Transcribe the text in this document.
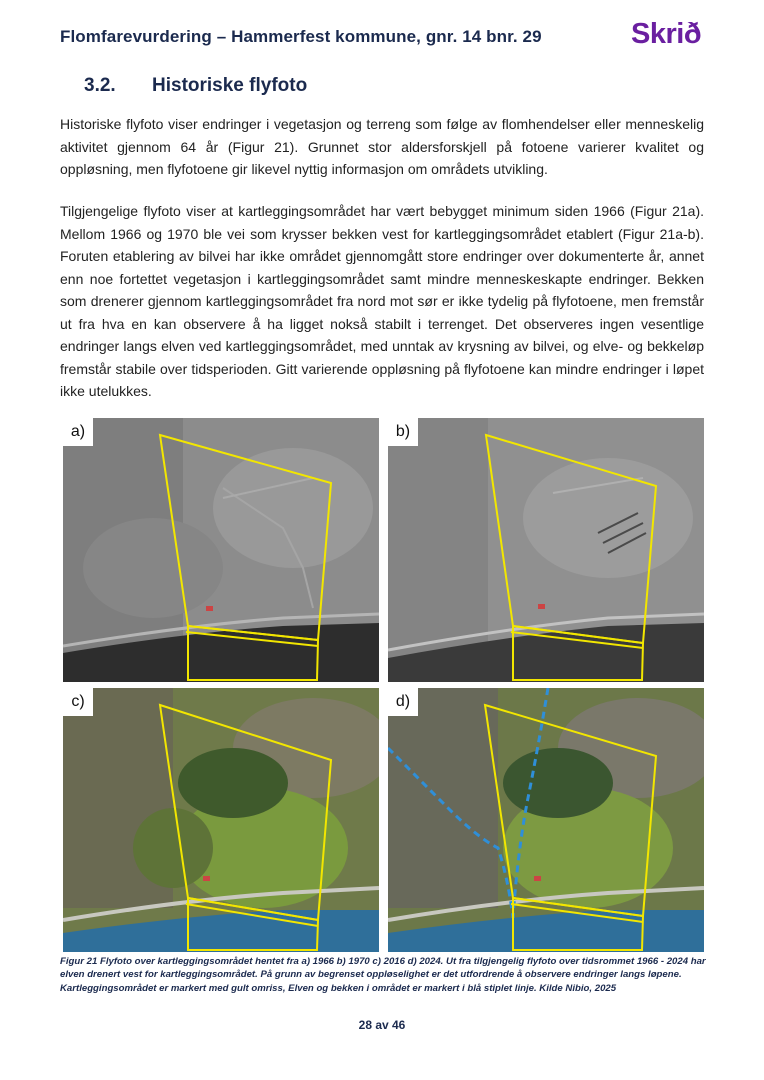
Flomfarevurdering – Hammerfest kommune, gnr. 14 bnr. 29	Skrið
3.2. Historiske flyfoto
Historiske flyfoto viser endringer i vegetasjon og terreng som følge av flomhendelser eller menneskelig aktivitet gjennom 64 år (Figur 21). Grunnet stor aldersforskjell på fotoene varierer kvalitet og oppløsning, men flyfotoene gir likevel nyttig informasjon om områdets utvikling.
Tilgjengelige flyfoto viser at kartleggingsområdet har vært bebygget minimum siden 1966 (Figur 21a). Mellom 1966 og 1970 ble vei som krysser bekken vest for kartleggingsområdet etablert (Figur 21a-b). Foruten etablering av bilvei har ikke området gjennomgått store endringer over dokumenterte år, annet enn noe fortettet vegetasjon i kartleggingsområdet samt mindre menneskeskapte endringer. Bekken som drenerer gjennom kartleggingsområdet fra nord mot sør er ikke tydelig på flyfotoene, men fremstår ut fra hva en kan observere å ha ligget nokså stabilt i terrenget. Det observeres ingen vesentlige endringer langs elven ved kartleggingsområdet, med unntak av krysning av bilvei, og elve- og bekkeløp fremstår stabile over tidsperioden. Gitt varierende oppløsning på flyfotoene kan mindre endringer i løpet ikke utelukkes.
a)	b)
c)	d)
Figur 21 Flyfoto over kartleggingsområdet hentet fra a) 1966 b) 1970 c) 2016 d) 2024. Ut fra tilgjengelig flyfoto over tidsrommet 1966 - 2024 har elven drenert vest for kartleggingsområdet. På grunn av begrenset oppløselighet er det utfordrende å observere endringer langs løpene. Kartleggingsområdet er markert med gult omriss, Elven og bekken i området er markert i blå stiplet linje. Kilde Nibio, 2025
28 av 46
